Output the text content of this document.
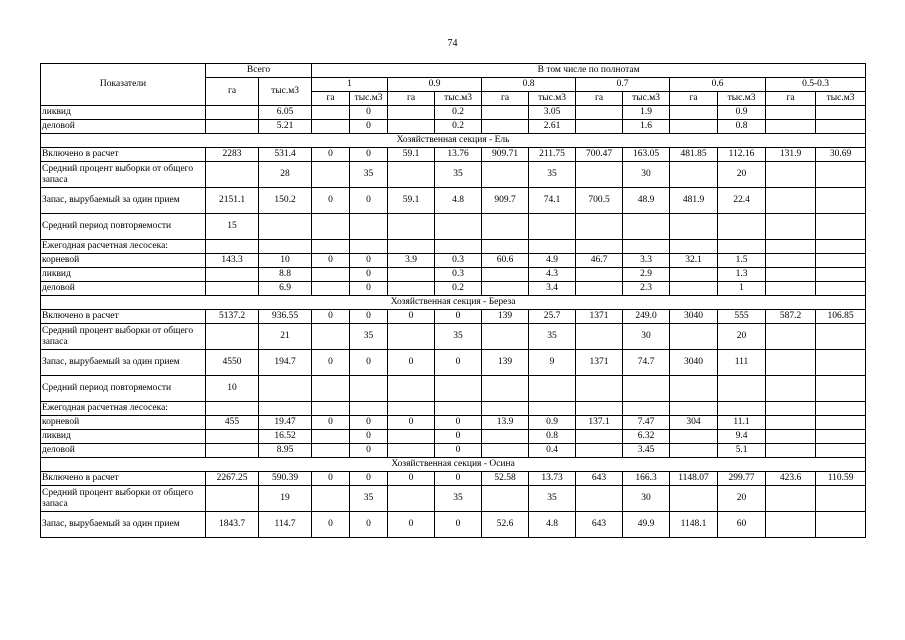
74
Показатели	Всего		В том числе по полнотам											
	га	тыс.м3	1		0.9		0.8		0.7		0.6		0.5-0.3	
			га	тыс.м3	га	тыс.м3	га	тыс.м3	га	тыс.м3	га	тыс.м3	га	тыс.м3
ликвид		6.05		0		0.2		3.05		1.9		0.9		
деловой		5.21		0		0.2		2.61		1.6		0.8		
Хозяйственная секция - Ель														
Включено в расчет	2283	531.4	0	0	59.1	13.76	909.71	211.75	700.47	163.05	481.85	112.16	131.9	30.69
Средний процент выборки от общего запаса		28		35		35		35		30		20		
Запас, вырубаемый за один прием	2151.1	150.2	0	0	59.1	4.8	909.7	74.1	700.5	48.9	481.9	22.4		
Средний период повторяемости	15													
Ежегодная расчетная лесосека:														
корневой	143.3	10	0	0	3.9	0.3	60.6	4.9	46.7	3.3	32.1	1.5		
ликвид		8.8		0		0.3		4.3		2.9		1.3		
деловой		6.9		0		0.2		3.4		2.3		1		
Хозяйственная секция - Береза														
Включено в расчет	5137.2	936.55	0	0	0	0	139	25.7	1371	249.0	3040	555	587.2	106.85
Средний процент выборки от общего запаса		21		35		35		35		30		20		
Запас, вырубаемый за один прием	4550	194.7	0	0	0	0	139	9	1371	74.7	3040	111		
Средний период повторяемости	10													
Ежегодная расчетная лесосека:														
корневой	455	19.47	0	0	0	0	13.9	0.9	137.1	7.47	304	11.1		
ликвид		16.52		0		0		0.8		6.32		9.4		
деловой		8.95		0		0		0.4		3.45		5.1		
Хозяйственная секция - Осина														
Включено в расчет	2267.25	590.39	0	0	0	0	52.58	13.73	643	166.3	1148.07	299.77	423.6	110.59
Средний процент выборки от общего запаса		19		35		35		35		30		20		
Запас, вырубаемый за один прием	1843.7	114.7	0	0	0	0	52.6	4.8	643	49.9	1148.1	60		
